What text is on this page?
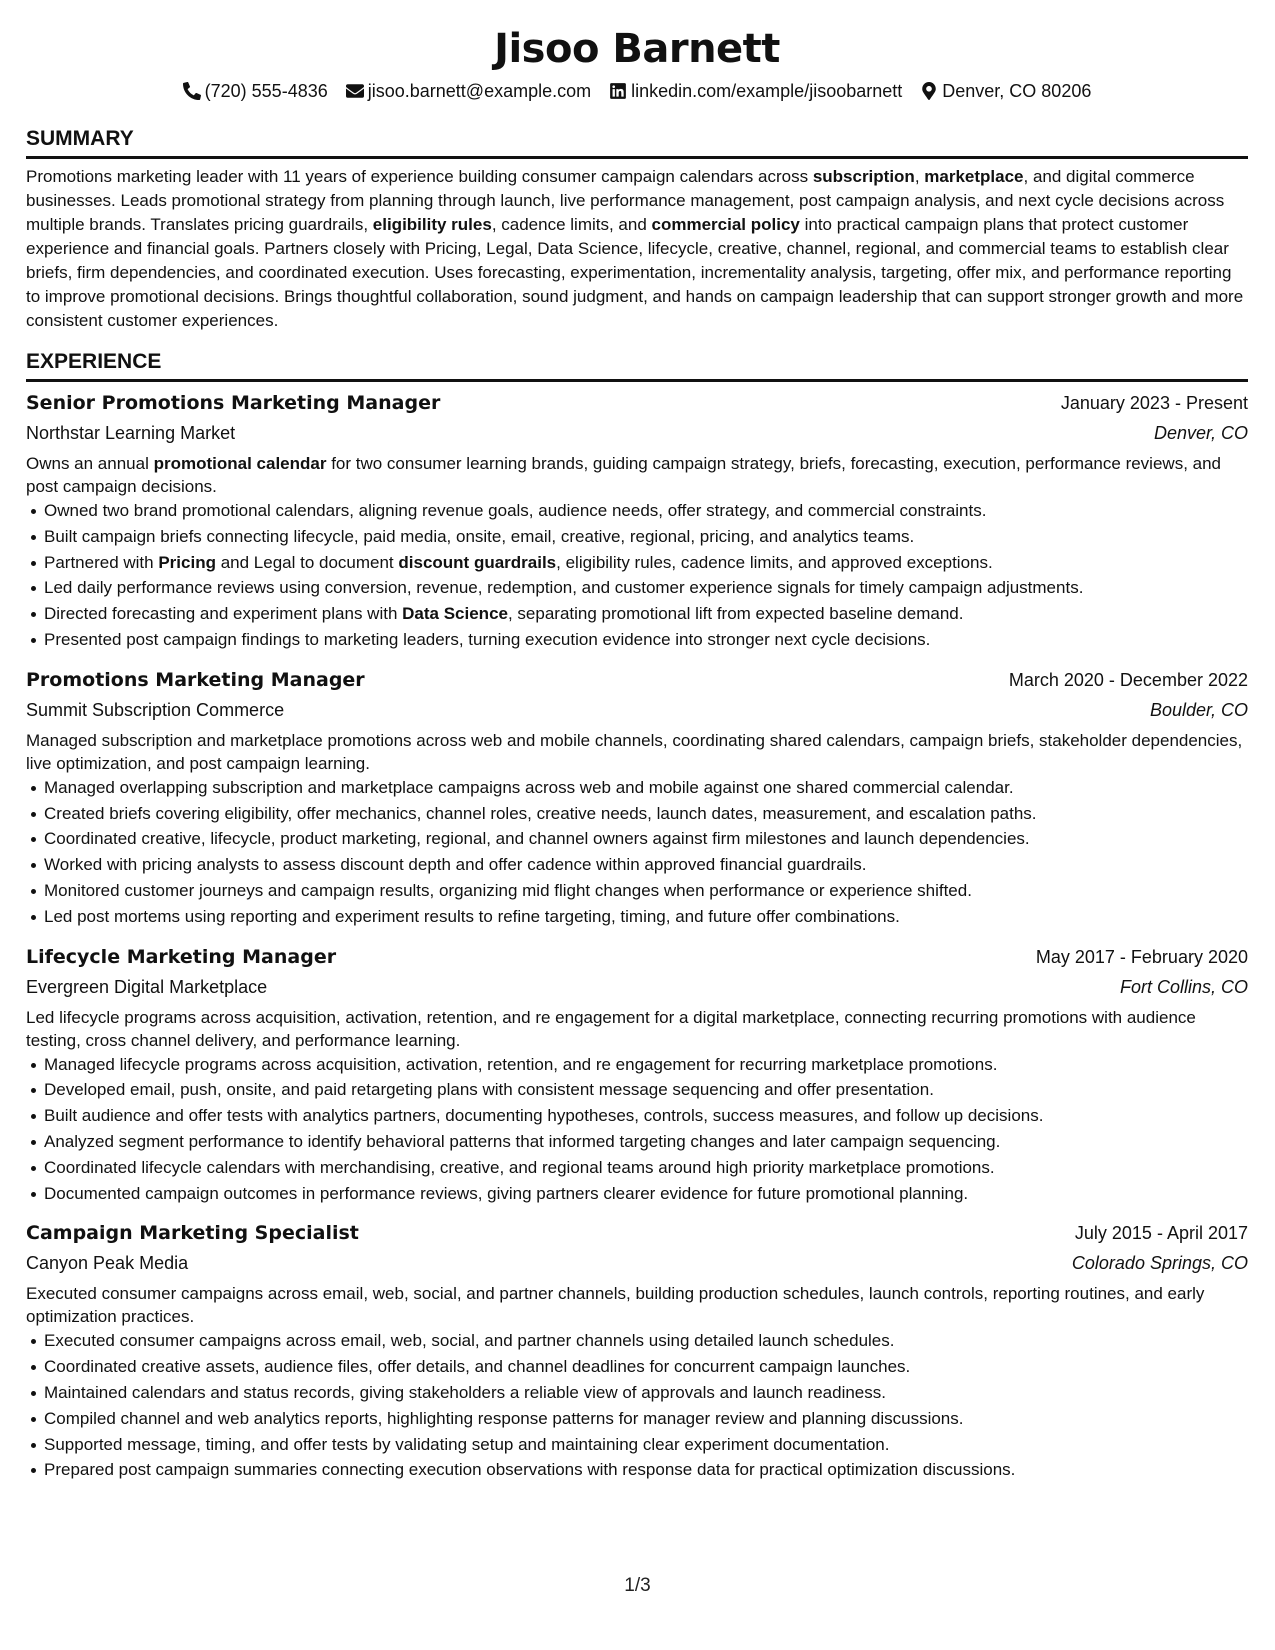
Jisoo Barnett
(720) 555-4836 jisoo.barnett@example.com linkedin.com/example/jisoobarnett Denver, CO 80206
SUMMARY

Promotions marketing leader with 11 years of experience building consumer campaign calendars across subscription, marketplace, and digital commerce businesses. Leads promotional strategy from planning through launch, live performance management, post campaign analysis, and next cycle decisions across multiple brands. Translates pricing guardrails, eligibility rules, cadence limits, and commercial policy into practical campaign plans that protect customer experience and financial goals. Partners closely with Pricing, Legal, Data Science, lifecycle, creative, channel, regional, and commercial teams to establish clear briefs, firm dependencies, and coordinated execution. Uses forecasting, experimentation, incrementality analysis, targeting, offer mix, and performance reporting to improve promotional decisions. Brings thoughtful collaboration, sound judgment, and hands on campaign leadership that can support stronger growth and more consistent customer experiences.

EXPERIENCE
Senior Promotions Marketing Manager	January 2023 - Present
Northstar Learning Market	Denver, CO
Owns an annual promotional calendar for two consumer learning brands, guiding campaign strategy, briefs, forecasting, execution, performance reviews, and post campaign decisions.
Owned two brand promotional calendars, aligning revenue goals, audience needs, offer strategy, and commercial constraints.
Built campaign briefs connecting lifecycle, paid media, onsite, email, creative, regional, pricing, and analytics teams.
Partnered with Pricing and Legal to document discount guardrails, eligibility rules, cadence limits, and approved exceptions.
Led daily performance reviews using conversion, revenue, redemption, and customer experience signals for timely campaign adjustments.
Directed forecasting and experiment plans with Data Science, separating promotional lift from expected baseline demand.
Presented post campaign findings to marketing leaders, turning execution evidence into stronger next cycle decisions.
Promotions Marketing Manager	March 2020 - December 2022
Summit Subscription Commerce	Boulder, CO
Managed subscription and marketplace promotions across web and mobile channels, coordinating shared calendars, campaign briefs, stakeholder dependencies, live optimization, and post campaign learning.
Managed overlapping subscription and marketplace campaigns across web and mobile against one shared commercial calendar.
Created briefs covering eligibility, offer mechanics, channel roles, creative needs, launch dates, measurement, and escalation paths.
Coordinated creative, lifecycle, product marketing, regional, and channel owners against firm milestones and launch dependencies.
Worked with pricing analysts to assess discount depth and offer cadence within approved financial guardrails.
Monitored customer journeys and campaign results, organizing mid flight changes when performance or experience shifted.
Led post mortems using reporting and experiment results to refine targeting, timing, and future offer combinations.
Lifecycle Marketing Manager	May 2017 - February 2020
Evergreen Digital Marketplace	Fort Collins, CO
Led lifecycle programs across acquisition, activation, retention, and re engagement for a digital marketplace, connecting recurring promotions with audience testing, cross channel delivery, and performance learning.
Managed lifecycle programs across acquisition, activation, retention, and re engagement for recurring marketplace promotions.
Developed email, push, onsite, and paid retargeting plans with consistent message sequencing and offer presentation.
Built audience and offer tests with analytics partners, documenting hypotheses, controls, success measures, and follow up decisions.
Analyzed segment performance to identify behavioral patterns that informed targeting changes and later campaign sequencing.
Coordinated lifecycle calendars with merchandising, creative, and regional teams around high priority marketplace promotions.
Documented campaign outcomes in performance reviews, giving partners clearer evidence for future promotional planning.
Campaign Marketing Specialist	July 2015 - April 2017
Canyon Peak Media	Colorado Springs, CO
Executed consumer campaigns across email, web, social, and partner channels, building production schedules, launch controls, reporting routines, and early optimization practices.
Executed consumer campaigns across email, web, social, and partner channels using detailed launch schedules.
Coordinated creative assets, audience files, offer details, and channel deadlines for concurrent campaign launches.
Maintained calendars and status records, giving stakeholders a reliable view of approvals and launch readiness.
Compiled channel and web analytics reports, highlighting response patterns for manager review and planning discussions.
Supported message, timing, and offer tests by validating setup and maintaining clear experiment documentation.
Prepared post campaign summaries connecting execution observations with response data for practical optimization discussions.
1/3
